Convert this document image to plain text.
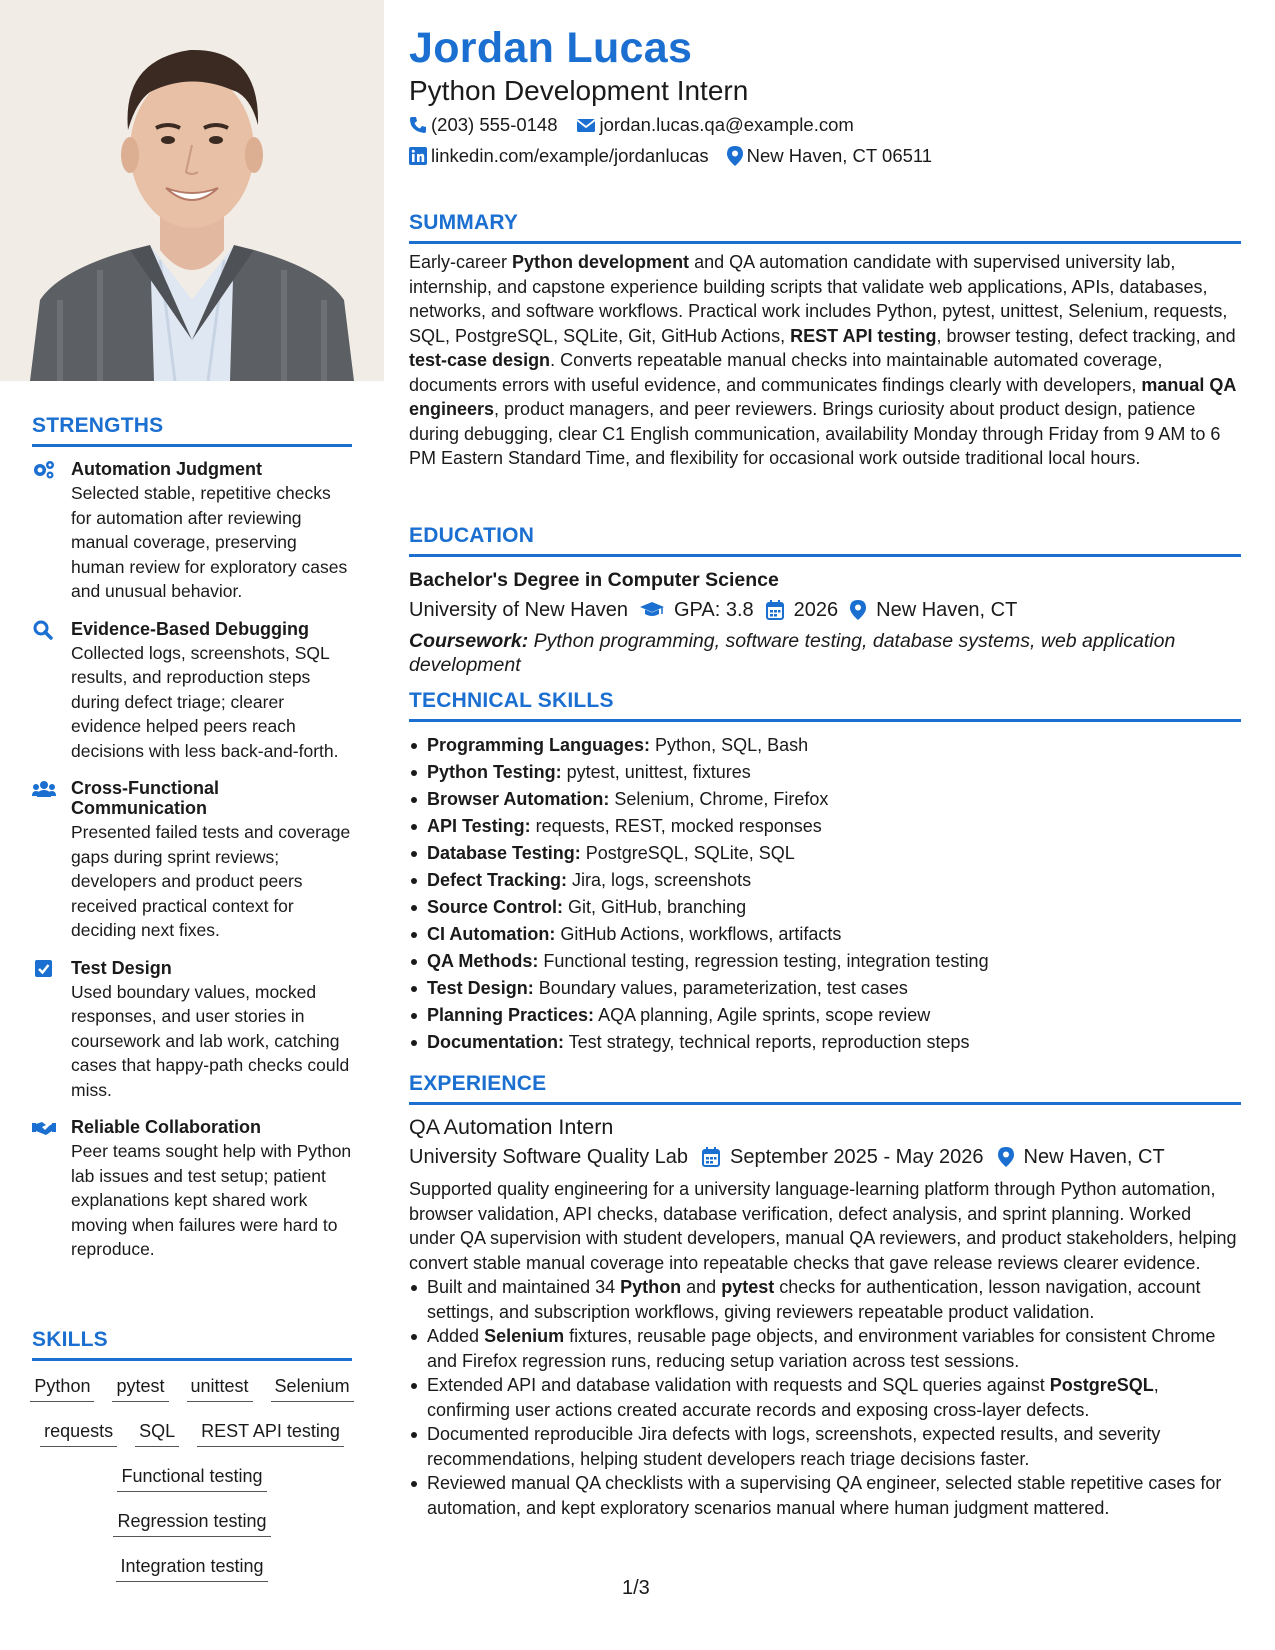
STRENGTHS
Automation Judgment
Selected stable, repetitive checks for automation after reviewing manual coverage, preserving human review for exploratory cases and unusual behavior.
Evidence-Based Debugging
Collected logs, screenshots, SQL results, and reproduction steps during defect triage; clearer evidence helped peers reach decisions with less back-and-forth.
Cross-Functional Communication
Presented failed tests and coverage gaps during sprint reviews; developers and product peers received practical context for deciding next fixes.
Test Design
Used boundary values, mocked responses, and user stories in coursework and lab work, catching cases that happy-path checks could miss.
Reliable Collaboration
Peer teams sought help with Python lab issues and test setup; patient explanations kept shared work moving when failures were hard to reproduce.
SKILLS
Python pytest unittest Selenium
requests SQL REST API testing
Functional testing
Regression testing
Integration testing
Jordan Lucas
Python Development Intern
(203) 555-0148 jordan.lucas.qa@example.com
linkedin.com/example/jordanlucas New Haven, CT 06511
SUMMARY
Early-career Python development and QA automation candidate with supervised university lab, internship, and capstone experience building scripts that validate web applications, APIs, databases, networks, and software workflows. Practical work includes Python, pytest, unittest, Selenium, requests, SQL, PostgreSQL, SQLite, Git, GitHub Actions, REST API testing, browser testing, defect tracking, and test-case design. Converts repeatable manual checks into maintainable automated coverage, documents errors with useful evidence, and communicates findings clearly with developers, manual QA engineers, product managers, and peer reviewers. Brings curiosity about product design, patience during debugging, clear C1 English communication, availability Monday through Friday from 9 AM to 6 PM Eastern Standard Time, and flexibility for occasional work outside traditional local hours.
EDUCATION
Bachelor's Degree in Computer Science
University of New Haven GPA: 3.8 2026 New Haven, CT
Coursework: Python programming, software testing, database systems, web application development
TECHNICAL SKILLS
Programming Languages: Python, SQL, Bash
Python Testing: pytest, unittest, fixtures
Browser Automation: Selenium, Chrome, Firefox
API Testing: requests, REST, mocked responses
Database Testing: PostgreSQL, SQLite, SQL
Defect Tracking: Jira, logs, screenshots
Source Control: Git, GitHub, branching
CI Automation: GitHub Actions, workflows, artifacts
QA Methods: Functional testing, regression testing, integration testing
Test Design: Boundary values, parameterization, test cases
Planning Practices: AQA planning, Agile sprints, scope review
Documentation: Test strategy, technical reports, reproduction steps
EXPERIENCE
QA Automation Intern
University Software Quality Lab September 2025 - May 2026 New Haven, CT
Supported quality engineering for a university language-learning platform through Python automation, browser validation, API checks, database verification, defect analysis, and sprint planning. Worked under QA supervision with student developers, manual QA reviewers, and product stakeholders, helping convert stable manual coverage into repeatable checks that gave release reviews clearer evidence.
Built and maintained 34 Python and pytest checks for authentication, lesson navigation, account settings, and subscription workflows, giving reviewers repeatable product validation.
Added Selenium fixtures, reusable page objects, and environment variables for consistent Chrome and Firefox regression runs, reducing setup variation across test sessions.
Extended API and database validation with requests and SQL queries against PostgreSQL, confirming user actions created accurate records and exposing cross-layer defects.
Documented reproducible Jira defects with logs, screenshots, expected results, and severity recommendations, helping student developers reach triage decisions faster.
Reviewed manual QA checklists with a supervising QA engineer, selected stable repetitive cases for automation, and kept exploratory scenarios manual where human judgment mattered.
1/3
